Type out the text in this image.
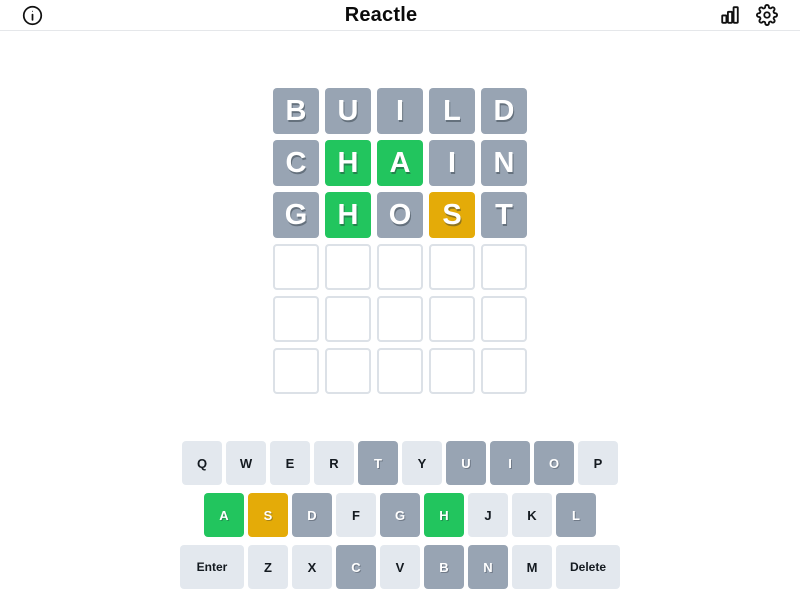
Reactle
B	U	I	L	D
C	H	A	I	N
G	H	O	S	T
Q	W	E	R	T	Y	U	I	O	P
A	S	D	F	G	H	J	K	L
Enter	Z	X	C	V	B	N	M	Delete
